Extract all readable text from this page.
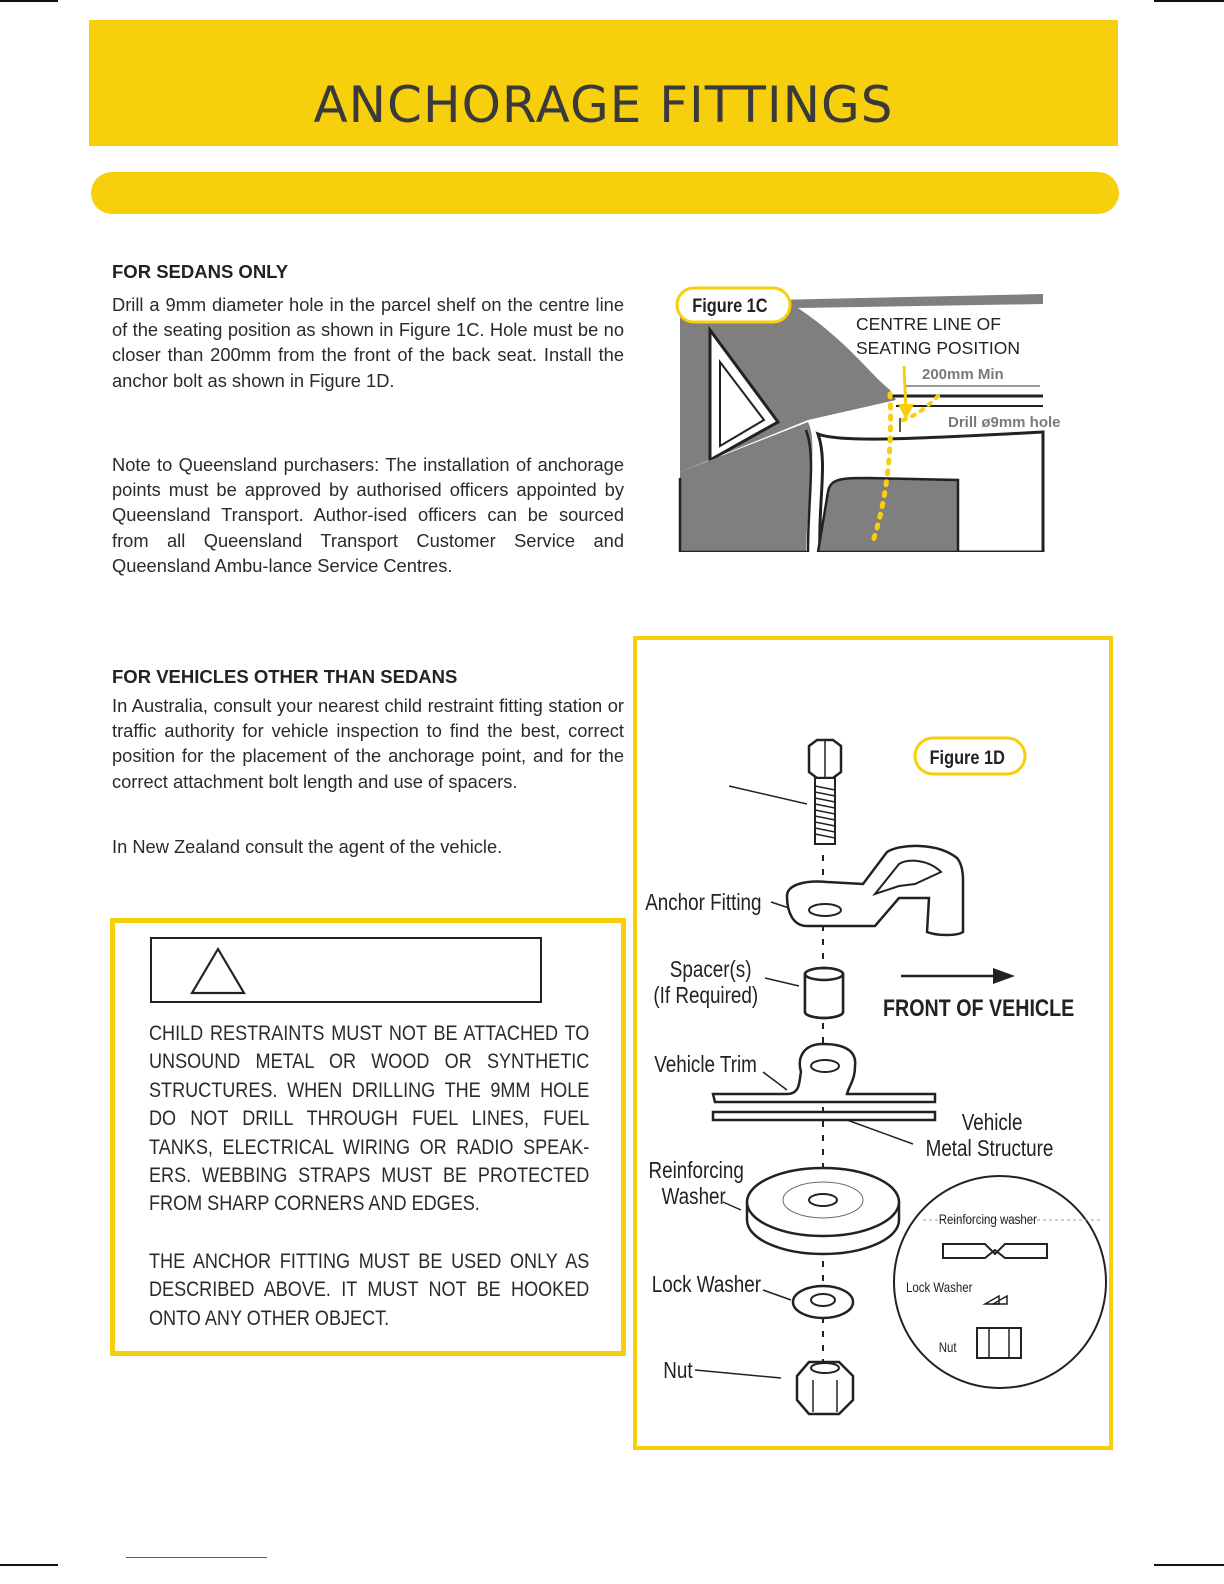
ANCHORAGE FITTINGS
FOR SEDANS ONLY

Drill a 9mm diameter hole in the parcel shelf on the centre line of the seating position as shown in Figure 1C. Hole must be no closer than 200mm from the front of the back seat. Install the anchor bolt as shown in Figure 1D.

Note to Queensland purchasers: The installation of anchorage points must be approved by authorised officers appointed by Queensland Transport. Author-ised officers can be sourced from all Queensland Transport Customer Service and Queensland Ambu-lance Service Centres.

FOR VEHICLES OTHER THAN SEDANS

In Australia, consult your nearest child restraint fitting station or traffic authority for vehicle inspection to find the best, correct position for the placement of the anchorage point, and for the correct attachment bolt length and use of spacers.

In New Zealand consult the agent of the vehicle.

CHILD RESTRAINTS MUST NOT BE ATTACHED TO UNSOUND METAL OR WOOD OR SYNTHETIC STRUCTURES. WHEN DRILLING THE 9MM HOLE DO NOT DRILL THROUGH FUEL LINES, FUEL TANKS, ELECTRICAL WIRING OR RADIO SPEAK-ERS. WEBBING STRAPS MUST BE PROTECTED FROM SHARP CORNERS AND EDGES.

THE ANCHOR FITTING MUST BE USED ONLY AS DESCRIBED ABOVE. IT MUST NOT BE HOOKED ONTO ANY OTHER OBJECT.

Figure 1C
CENTRE LINE OF
SEATING POSITION
200mm Min
Drill ø9mm hole
Anchor Fitting
Spacer(s)
(If Required)	FRONT OF VEHICLE
Vehicle Trim
Vehicle
Metal Structure
Reinforcing
Washer
Lock Washer
Nut
Figure 1D
Reinforcing washer
Lock Washer
Nut
